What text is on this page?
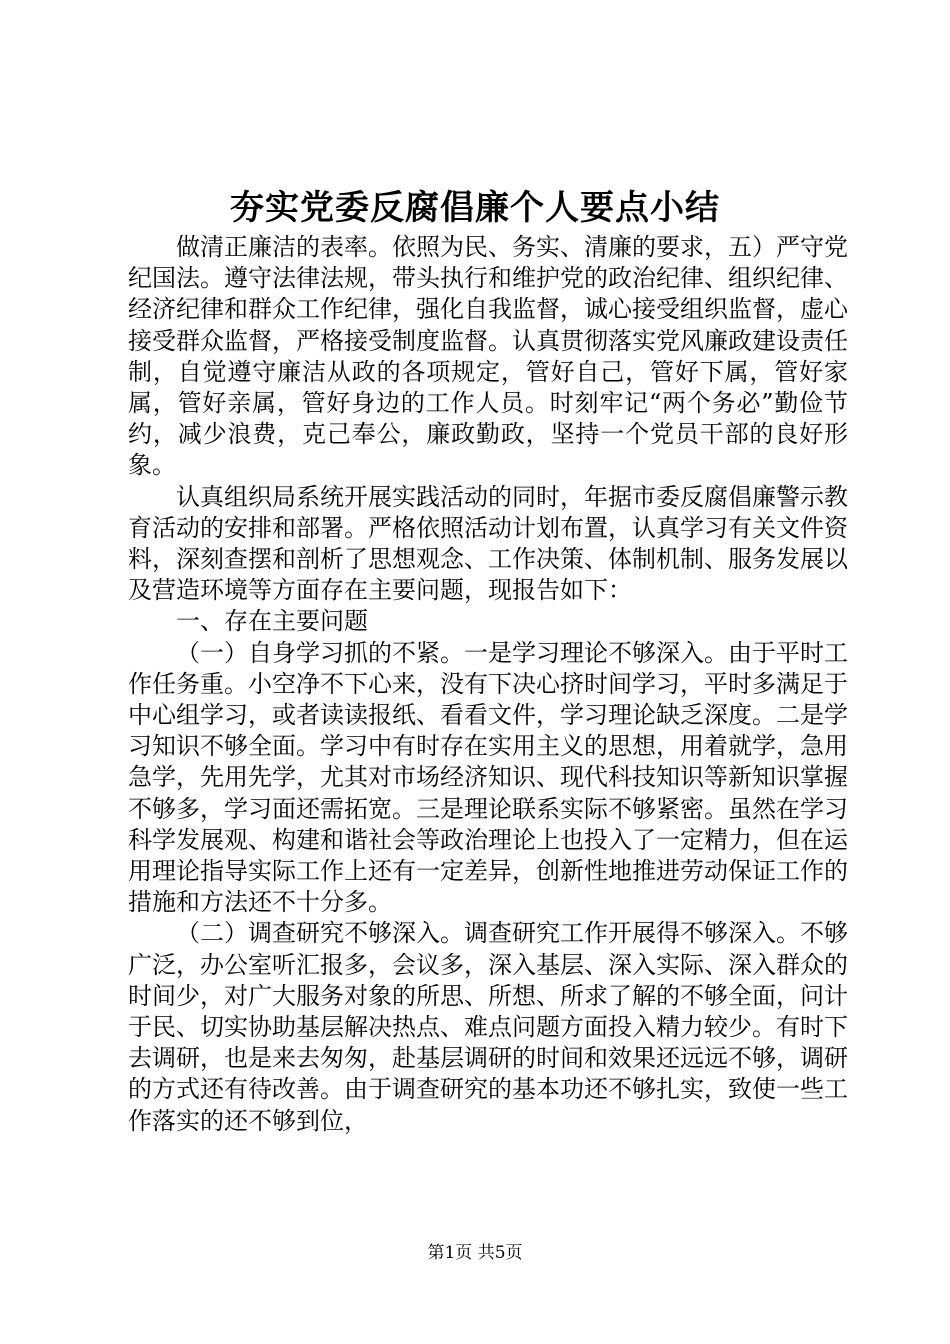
夯实党委反腐倡廉个人要点小结

做清正廉洁的表率。依照为民、务实、清廉的要求，五）严守党纪国法。遵守法律法规，带头执行和维护党的政治纪律、组织纪律、经济纪律和群众工作纪律，强化自我监督，诚心接受组织监督，虚心接受群众监督，严格接受制度监督。认真贯彻落实党风廉政建设责任制，自觉遵守廉洁从政的各项规定，管好自己，管好下属，管好家属，管好亲属，管好身边的工作人员。时刻牢记“两个务必”勤俭节约，减少浪费，克己奉公，廉政勤政，坚持一个党员干部的良好形象。

认真组织局系统开展实践活动的同时，年据市委反腐倡廉警示教育活动的安排和部署。严格依照活动计划布置，认真学习有关文件资料，深刻查摆和剖析了思想观念、工作决策、体制机制、服务发展以及营造环境等方面存在主要问题，现报告如下：

一、存在主要问题

（一）自身学习抓的不紧。一是学习理论不够深入。由于平时工作任务重。小空净不下心来，没有下决心挤时间学习，平时多满足于中心组学习，或者读读报纸、看看文件，学习理论缺乏深度。二是学习知识不够全面。学习中有时存在实用主义的思想，用着就学，急用急学，先用先学，尤其对市场经济知识、现代科技知识等新知识掌握不够多，学习面还需拓宽。三是理论联系实际不够紧密。虽然在学习科学发展观、构建和谐社会等政治理论上也投入了一定精力，但在运用理论指导实际工作上还有一定差异，创新性地推进劳动保证工作的措施和方法还不十分多。

（二）调查研究不够深入。调查研究工作开展得不够深入。不够广泛，办公室听汇报多，会议多，深入基层、深入实际、深入群众的时间少，对广大服务对象的所思、所想、所求了解的不够全面，问计于民、切实协助基层解决热点、难点问题方面投入精力较少。有时下去调研，也是来去匆匆，赴基层调研的时间和效果还远远不够，调研的方式还有待改善。由于调查研究的基本功还不够扎实，致使一些工作落实的还不够到位，

第1页 共5页
